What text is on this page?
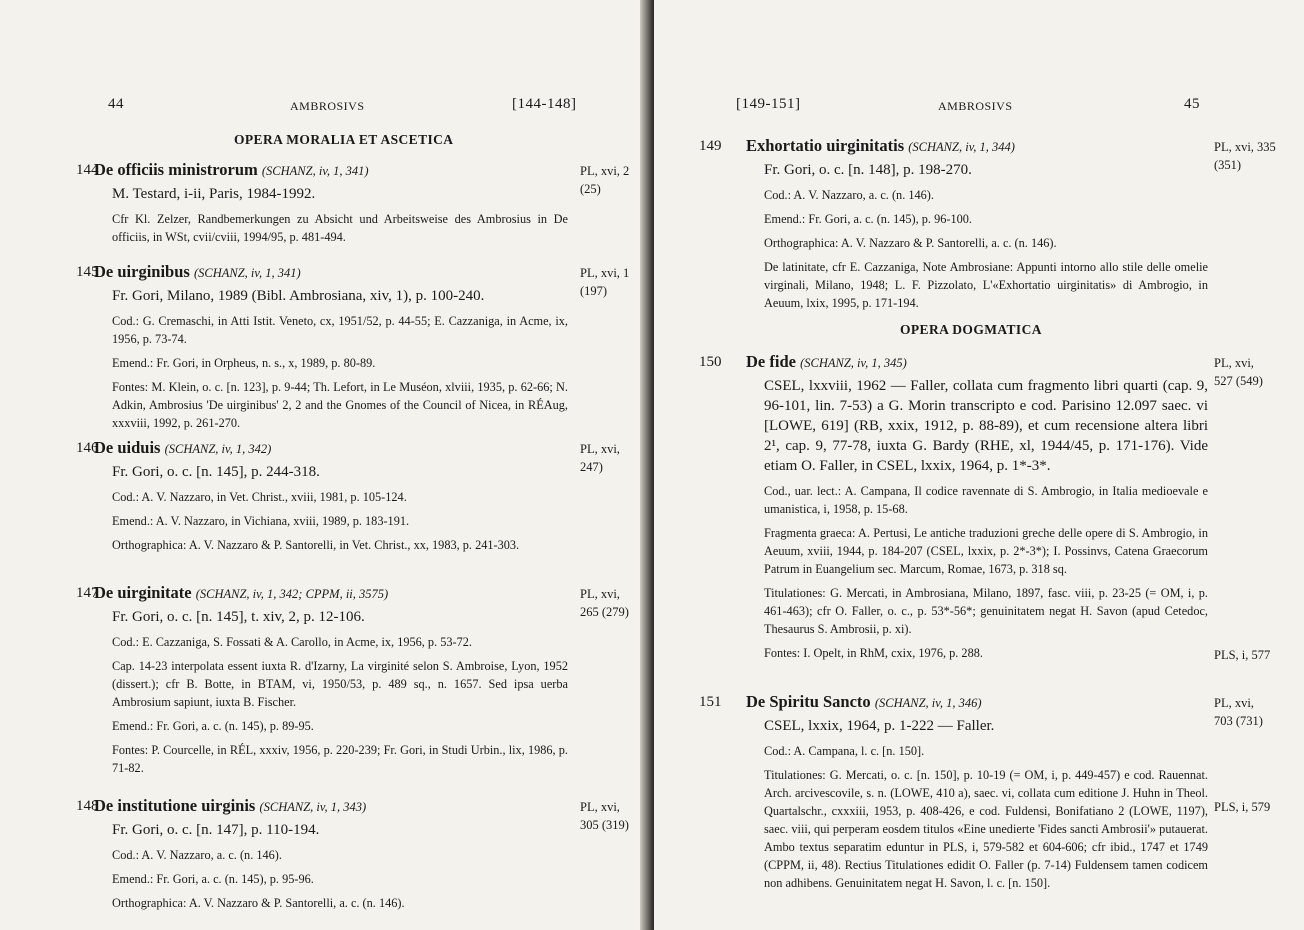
44	AMBROSIVS	[144-148]
OPERA MORALIA ET ASCETICA
144
De officiis ministrorum (SCHANZ, iv, 1, 341)
M. Testard, i-ii, Paris, 1984-1992.
Cfr Kl. Zelzer, Randbemerkungen zu Absicht und Arbeitsweise des Ambrosius in De officiis, in WSt, cvii/cviii, 1994/95, p. 481-494.
PL, xvi, 2
(25)
145
De uirginibus (SCHANZ, iv, 1, 341)
Fr. Gori, Milano, 1989 (Bibl. Ambrosiana, xiv, 1), p. 100-240.
Cod.: G. Cremaschi, in Atti Istit. Veneto, cx, 1951/52, p. 44-55; E. Cazzaniga, in Acme, ix, 1956, p. 73-74.
Emend.: Fr. Gori, in Orpheus, n. s., x, 1989, p. 80-89.
Fontes: M. Klein, o. c. [n. 123], p. 9-44; Th. Lefort, in Le Muséon, xlviii, 1935, p. 62-66; N. Adkin, Ambrosius 'De uirginibus' 2, 2 and the Gnomes of the Council of Nicea, in RÉAug, xxxviii, 1992, p. 261-270.
PL, xvi, 1
(197)
146
De uiduis (SCHANZ, iv, 1, 342)
Fr. Gori, o. c. [n. 145], p. 244-318.
Cod.: A. V. Nazzaro, in Vet. Christ., xviii, 1981, p. 105-124.
Emend.: A. V. Nazzaro, in Vichiana, xviii, 1989, p. 183-191.
Orthographica: A. V. Nazzaro & P. Santorelli, in Vet. Christ., xx, 1983, p. 241-303.
PL, xvi,
247)
147
De uirginitate (SCHANZ, iv, 1, 342; CPPM, ii, 3575)
Fr. Gori, o. c. [n. 145], t. xiv, 2, p. 12-106.
Cod.: E. Cazzaniga, S. Fossati & A. Carollo, in Acme, ix, 1956, p. 53-72.
Cap. 14-23 interpolata essent iuxta R. d'Izarny, La virginité selon S. Ambroise, Lyon, 1952 (dissert.); cfr B. Botte, in BTAM, vi, 1950/53, p. 489 sq., n. 1657. Sed ipsa uerba Ambrosium sapiunt, iuxta B. Fischer.
Emend.: Fr. Gori, a. c. (n. 145), p. 89-95.
Fontes: P. Courcelle, in RÉL, xxxiv, 1956, p. 220-239; Fr. Gori, in Studi Urbin., lix, 1986, p. 71-82.
PL, xvi,
265 (279)
148
De institutione uirginis (SCHANZ, iv, 1, 343)
Fr. Gori, o. c. [n. 147], p. 110-194.
Cod.: A. V. Nazzaro, a. c. (n. 146).
Emend.: Fr. Gori, a. c. (n. 145), p. 95-96.
Orthographica: A. V. Nazzaro & P. Santorelli, a. c. (n. 146).
PL, xvi,
305 (319)
[149-151]	AMBROSIVS	45
149 Exhortatio uirginitatis (SCHANZ, iv, 1, 344)
Fr. Gori, o. c. [n. 148], p. 198-270.
Cod.: A. V. Nazzaro, a. c. (n. 146).
Emend.: Fr. Gori, a. c. (n. 145), p. 96-100.
Orthographica: A. V. Nazzaro & P. Santorelli, a. c. (n. 146).
De latinitate, cfr E. Cazzaniga, Note Ambrosiane: Appunti intorno allo stile delle omelie virginali, Milano, 1948; L. F. Pizzolato, L'«Exhortatio uirginitatis» di Ambrogio, in Aeuum, lxix, 1995, p. 171-194.
PL, xvi, 335
(351)
150 De fide (SCHANZ, iv, 1, 345)
CSEL, lxxviii, 1962 — Faller, collata cum fragmento libri quarti (cap. 9, 96-101, lin. 7-53) a G. Morin transcripto e cod. Parisino 12.097 saec. vi [LOWE, 619] (RB, xxix, 1912, p. 88-89), et cum recensione altera libri 2¹, cap. 9, 77-78, iuxta G. Bardy (RHE, xl, 1944/45, p. 171-176). Vide etiam O. Faller, in CSEL, lxxix, 1964, p. 1*-3*.
Cod., uar. lect.: A. Campana, Il codice ravennate di S. Ambrogio, in Italia medioevale e umanistica, i, 1958, p. 15-68.
Fragmenta graeca: A. Pertusi, Le antiche traduzioni greche delle opere di S. Ambrogio, in Aeuum, xviii, 1944, p. 184-207 (CSEL, lxxix, p. 2*-3*); I. Possinvs, Catena Graecorum Patrum in Euangelium sec. Marcum, Romae, 1673, p. 318 sq.
Titulationes: G. Mercati, in Ambrosiana, Milano, 1897, fasc. viii, p. 23-25 (= OM, i, p. 461-463); cfr O. Faller, o. c., p. 53*-56*; genuinitatem negat H. Savon (apud Cetedoc, Thesaurus S. Ambrosii, p. xi).
Fontes: I. Opelt, in RhM, cxix, 1976, p. 288.
PL, xvi,
527 (549)
PLS, i, 577
151 De Spiritu Sancto (SCHANZ, iv, 1, 346)
CSEL, lxxix, 1964, p. 1-222 — Faller.
Cod.: A. Campana, l. c. [n. 150].
Titulationes: G. Mercati, o. c. [n. 150], p. 10-19 (= OM, i, p. 449-457) e cod. Rauennat. Arch. arcivescovile, s. n. (LOWE, 410 a), saec. vi, collata cum editione J. Huhn in Theol. Quartalschr., cxxxiii, 1953, p. 408-426, e cod. Fuldensi, Bonifatiano 2 (LOWE, 1197), saec. viii, qui perperam eosdem titulos «Eine unedierte 'Fides sancti Ambrosii'» putauerat. Ambo textus separatim eduntur in PLS, i, 579-582 et 604-606; cfr ibid., 1747 et 1749 (CPPM, ii, 48). Rectius Titulationes edidit O. Faller (p. 7-14) Fuldensem tamen codicem non adhibens. Genuinitatem negat H. Savon, l. c. [n. 150].
PL, xvi,
703 (731)
PLS, i, 579
OPERA DOGMATICA
